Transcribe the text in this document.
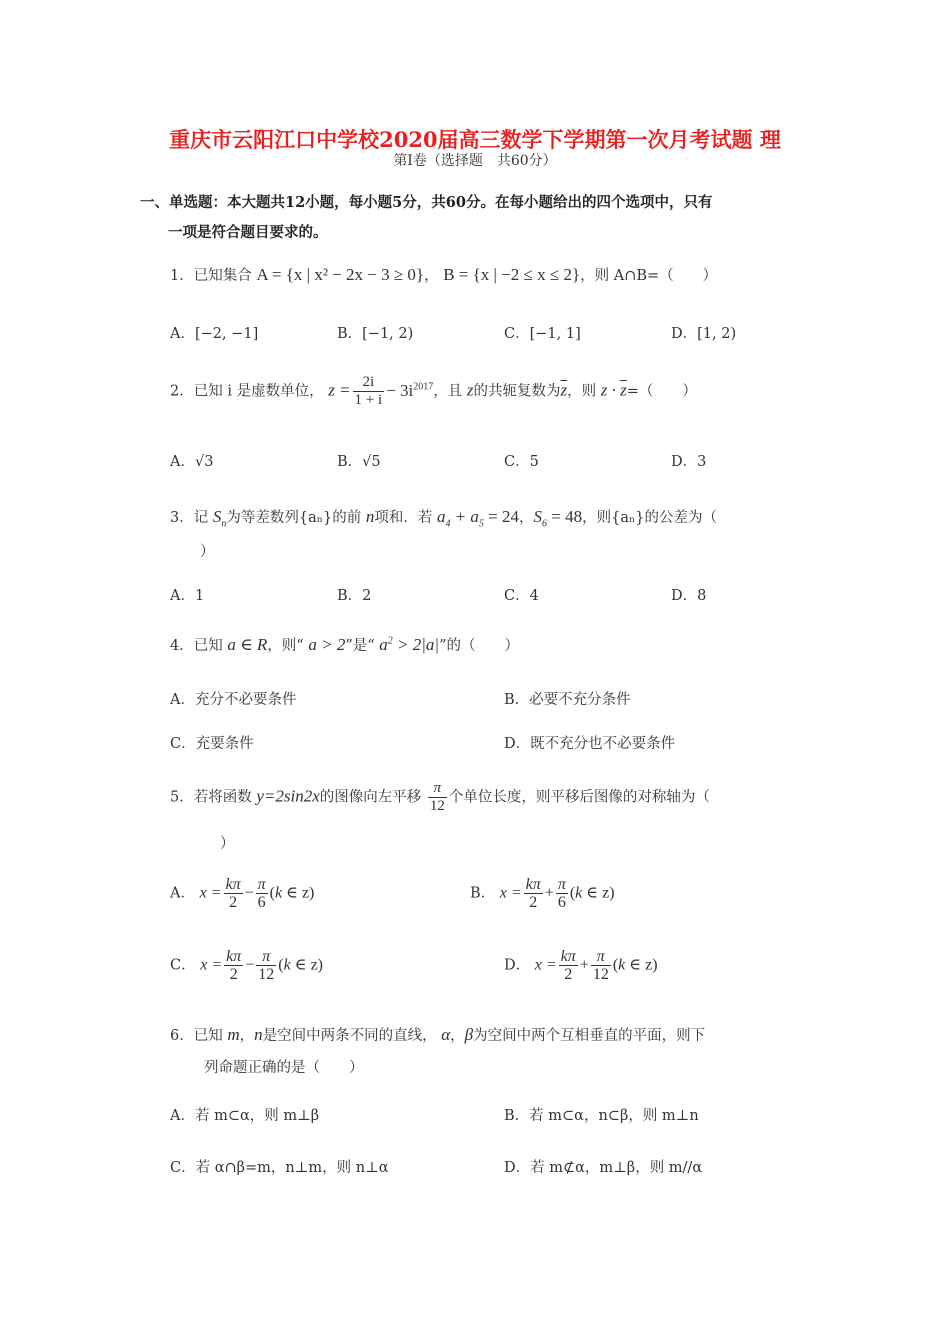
重庆市云阳江口中学校2020届高三数学下学期第一次月考试题 理
第Ⅰ卷（选择题　共60分）
一、单选题：本大题共12小题，每小题5分，共60分。在每小题给出的四个选项中，只有
一项是符合题目要求的。
1．已知集合 A = {x | x² − 2x − 3 ≥ 0}， B = {x | −2 ≤ x ≤ 2}，则 A∩B=（　　）
A．[−2, −1]	B．[−1, 2)	C．[−1, 1]	D．[1, 2)
2．已知 i 是虚数单位， $z = \frac{2i}{1 + i} - 3i^{2017}$，且 z的共轭复数为$\overline{z}$，则 $z \cdot \overline{z}=$（　　）
A．√3	B．√5	C．5	D．3
3．记 $S_n$为等差数列{aₙ}的前 n项和．若 $a_4 + a_5 = 24$，$S_6 = 48$，则{aₙ}的公差为（
）
A．1	B．2	C．4	D．8
4．已知 a ∈ R，则“ a > 2”是“ $a^2 > 2|a|$”的（　　）
A．充分不必要条件	B．必要不充分条件
C．充要条件	D．既不充分也不必要条件
5．若将函数 y=2sin2x的图像向左平移 $\frac{\pi}{12}$ 个单位长度，则平移后图像的对称轴为（
）
A． $x = \frac{k\pi}{2} - \frac{\pi}{6} (k$ ∈ z)	B． $x = \frac{k\pi}{2} + \frac{\pi}{6} (k$ ∈ z)
C． $x = \frac{k\pi}{2} - \frac{\pi}{12} (k$ ∈ z)	D． $x = \frac{k\pi}{2} + \frac{\pi}{12} (k$ ∈ z)
6．已知 m，n是空间中两条不同的直线， α，β为空间中两个互相垂直的平面，则下
列命题正确的是（　　）
A．若 m⊂α，则 m⊥β	B．若 m⊂α，n⊂β，则 m⊥n
C．若 α∩β=m，n⊥m，则 n⊥α	D．若 m⊄α，m⊥β，则 m//α
